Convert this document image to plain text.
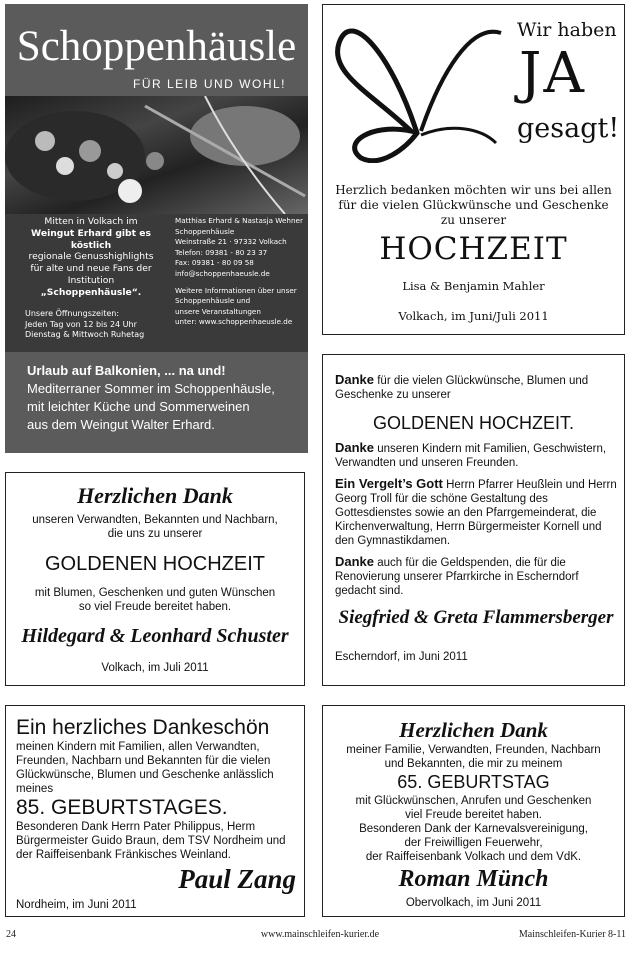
Schoppenhäusle
FÜR LEIB UND WOHL!
Mitten in Volkach im
Weingut Erhard gibt es köstlich
regionale Genusshighlights
für alte und neue Fans der Institution
„Schoppenhäusle“.
Matthias Erhard & Nastasja Wehner
Schoppenhäusle
Weinstraße 21 · 97332 Volkach
Telefon: 09381 - 80 23 37
Fax: 09381 - 80 09 58
info@schoppenhaeusle.de
Weitere Informationen über unser
Schoppenhäusle und
unsere Veranstaltungen
unter: www.schoppenhaeusle.de
Unsere Öffnungszeiten:
Jeden Tag von 12 bis 24 Uhr
Dienstag & Mittwoch Ruhetag
Urlaub auf Balkonien, ... na und!
Mediterraner Sommer im Schoppenhäusle,
mit leichter Küche und Sommerweinen
aus dem Weingut Walter Erhard.
Wir haben
JA
gesagt!
Herzlich bedanken möchten wir uns bei allen
für die vielen Glückwünsche und Geschenke
zu unserer
HOCHZEIT
Lisa & Benjamin Mahler
Volkach, im Juni/Juli 2011
Herzlichen Dank
unseren Verwandten, Bekannten und Nachbarn,
die uns zu unserer
GOLDENEN HOCHZEIT
mit Blumen, Geschenken und guten Wünschen
so viel Freude bereitet haben.
Hildegard & Leonhard Schuster
Volkach, im Juli 2011
Danke für die vielen Glückwünsche, Blumen und Geschenke zu unserer
GOLDENEN HOCHZEIT.
Danke unseren Kindern mit Familien, Geschwistern, Verwandten und unseren Freunden.
Ein Vergelt’s Gott Herrn Pfarrer Heußlein und Herrn Georg Troll für die schöne Gestaltung des Gottesdienstes sowie an den Pfarrgemeinderat, die Kirchenverwaltung, Herrn Bürgermeister Kornell und den Gymnastikdamen.
Danke auch für die Geldspenden, die für die Renovierung unserer Pfarrkirche in Escherndorf gedacht sind.
Siegfried & Greta Flammersberger
Escherndorf, im Juni 2011
Ein herzliches Dankeschön
meinen Kindern mit Familien, allen Verwandten,
Freunden, Nachbarn und Bekannten für die vielen
Glückwünsche, Blumen und Geschenke anlässlich
meines
85. GEBURTSTAGES.
Besonderen Dank Herrn Pater Philippus, Herm
Bürgermeister Guido Braun, dem TSV Nordheim und
der Raiffeisenbank Fränkisches Weinland.
Paul Zang
Nordheim, im Juni 2011
Herzlichen Dank
meiner Familie, Verwandten, Freunden, Nachbarn
und Bekannten, die mir zu meinem
65. GEBURTSTAG
mit Glückwünschen, Anrufen und Geschenken
viel Freude bereitet haben.
Besonderen Dank der Karnevalsvereinigung,
der Freiwilligen Feuerwehr,
der Raiffeisenbank Volkach und dem VdK.
Roman Münch
Obervolkach, im Juni 2011
24	www.mainschleifen-kurier.de	Mainschleifen-Kurier 8-11
